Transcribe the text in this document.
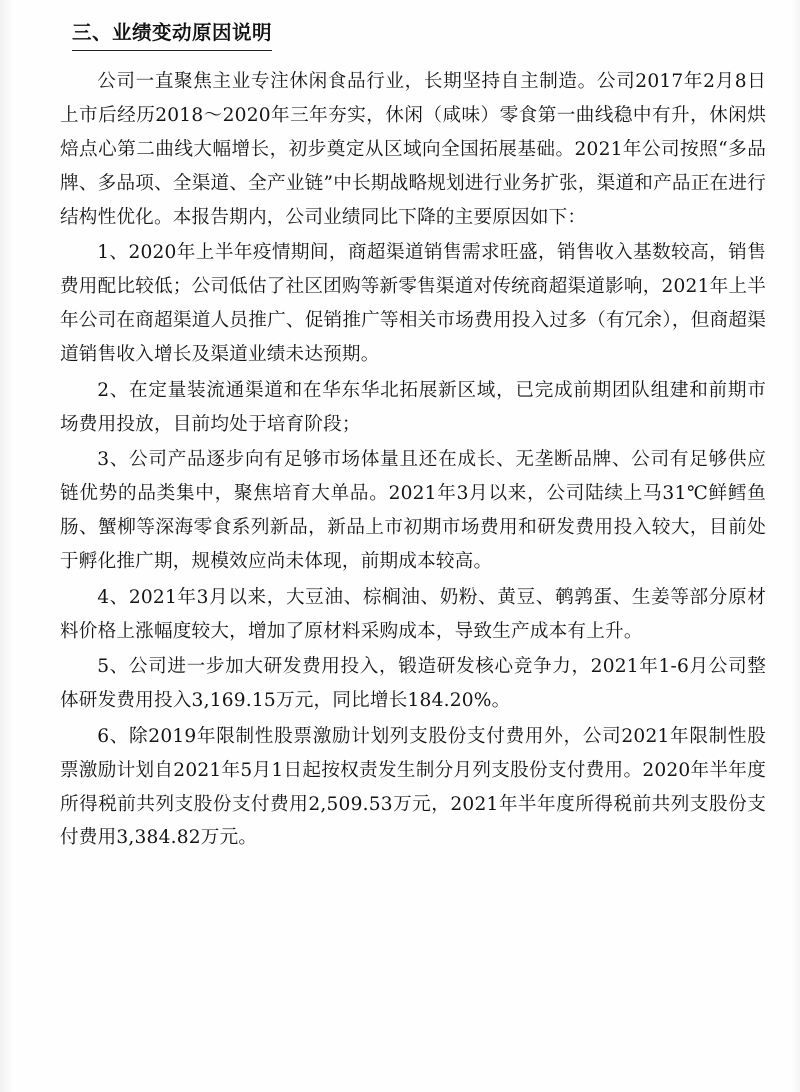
三、业绩变动原因说明

公司一直聚焦主业专注休闲食品行业，长期坚持自主制造。公司2017年2月8日上市后经历2018～2020年三年夯实，休闲（咸味）零食第一曲线稳中有升，休闲烘焙点心第二曲线大幅增长，初步奠定从区域向全国拓展基础。2021年公司按照“多品牌、多品项、全渠道、全产业链”中长期战略规划进行业务扩张，渠道和产品正在进行结构性优化。本报告期内，公司业绩同比下降的主要原因如下：

1、2020年上半年疫情期间，商超渠道销售需求旺盛，销售收入基数较高，销售费用配比较低；公司低估了社区团购等新零售渠道对传统商超渠道影响，2021年上半年公司在商超渠道人员推广、促销推广等相关市场费用投入过多（有冗余），但商超渠道销售收入增长及渠道业绩未达预期。

2、在定量装流通渠道和在华东华北拓展新区域，已完成前期团队组建和前期市场费用投放，目前均处于培育阶段；

3、公司产品逐步向有足够市场体量且还在成长、无垄断品牌、公司有足够供应链优势的品类集中，聚焦培育大单品。2021年3月以来，公司陆续上马31℃鲜鳕鱼肠、蟹柳等深海零食系列新品，新品上市初期市场费用和研发费用投入较大，目前处于孵化推广期，规模效应尚未体现，前期成本较高。

4、2021年3月以来，大豆油、棕榈油、奶粉、黄豆、鹌鹑蛋、生姜等部分原材料价格上涨幅度较大，增加了原材料采购成本，导致生产成本有上升。

5、公司进一步加大研发费用投入，锻造研发核心竞争力，2021年1-6月公司整体研发费用投入3,169.15万元，同比增长184.20%。

6、除2019年限制性股票激励计划列支股份支付费用外，公司2021年限制性股票激励计划自2021年5月1日起按权责发生制分月列支股份支付费用。2020年半年度所得税前共列支股份支付费用2,509.53万元，2021年半年度所得税前共列支股份支付费用3,384.82万元。
